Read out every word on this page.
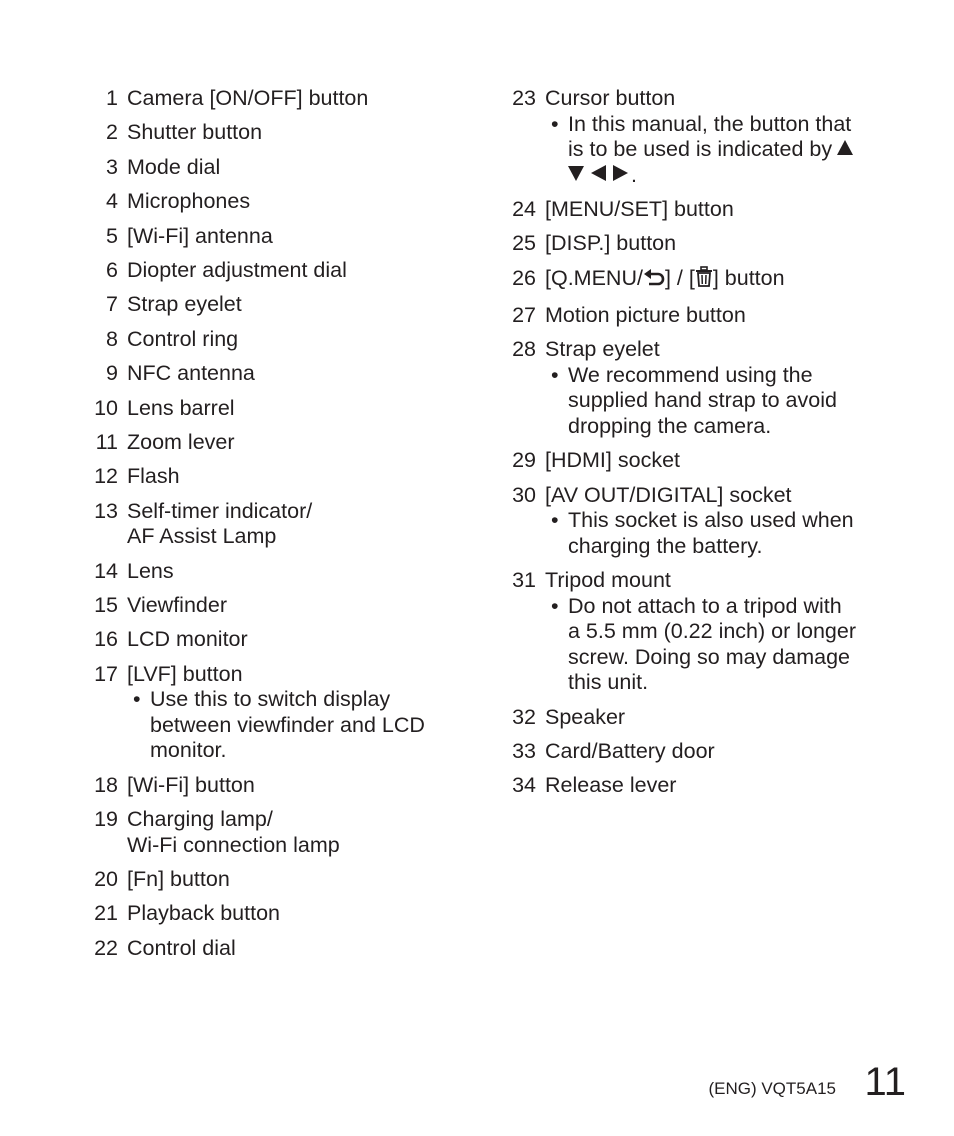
1 Camera [ON/OFF] button
2 Shutter button
3 Mode dial
4 Microphones
5 [Wi-Fi] antenna
6 Diopter adjustment dial
7 Strap eyelet
8 Control ring
9 NFC antenna
10 Lens barrel
11 Zoom lever
12 Flash
13 Self-timer indicator/
AF Assist Lamp
14 Lens
15 Viewfinder
16 LCD monitor
17 [LVF] button
• Use this to switch display
between viewfinder and LCD
monitor.
18 [Wi-Fi] button
19 Charging lamp/
Wi-Fi connection lamp
20 [Fn] button
21 Playback button
22 Control dial
23 Cursor button
• In this manual, the button that
is to be used is indicated by
.
24 [MENU/SET] button
25 [DISP.] button
26 [Q.MENU/ ] / [ ] button
27 Motion picture button
28 Strap eyelet
• We recommend using the
supplied hand strap to avoid
dropping the camera.
29 [HDMI] socket
30 [AV OUT/DIGITAL] socket
• This socket is also used when
charging the battery.
31 Tripod mount
• Do not attach to a tripod with
a 5.5 mm (0.22 inch) or longer
screw. Doing so may damage
this unit.
32 Speaker
33 Card/Battery door
34 Release lever
(ENG) VQT5A15 11
